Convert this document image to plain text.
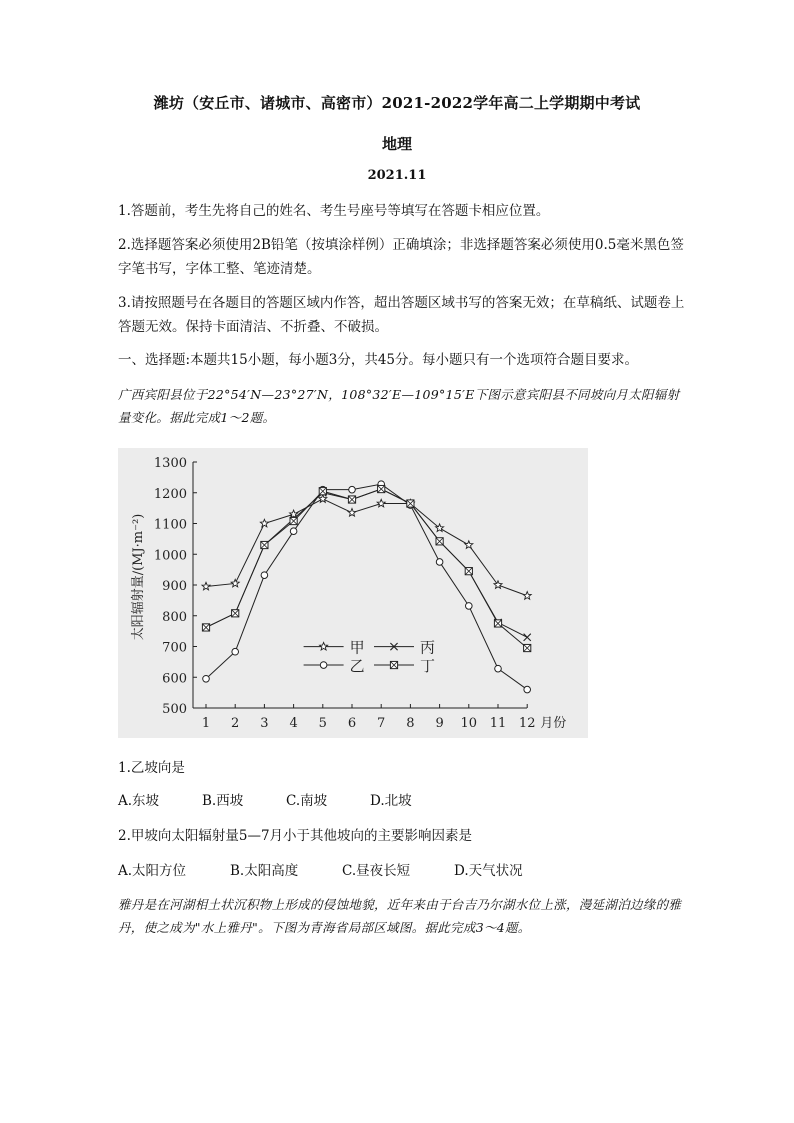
潍坊（安丘市、诸城市、高密市）2021-2022学年高二上学期期中考试
地理
2021.11
1.答题前，考生先将自己的姓名、考生号座号等填写在答题卡相应位置。
2.选择题答案必须使用2B铅笔（按填涂样例）正确填涂；非选择题答案必须使用0.5毫米黑色签字笔书写，字体工整、笔迹清楚。
3.请按照题号在各题目的答题区域内作答，超出答题区域书写的答案无效；在草稿纸、试题卷上答题无效。保持卡面清洁、不折叠、不破损。
一、选择题:本题共15小题，每小题3分，共45分。每小题只有一个选项符合题目要求。
广西宾阳县位于22°54′N—23°27′N，108°32′E—109°15′E下图示意宾阳县不同坡向月太阳辐射量变化。据此完成1～2题。
500
600
700
800
900
1000
1100
1200
1300
1 2 3 4 5 6 7 8 9 10 11 12 月份
太阳辐射量/(MJ·m⁻²)
甲	丙
乙	丁
1.乙坡向是
A.东坡	B.西坡	C.南坡	D.北坡
2.甲坡向太阳辐射量5—7月小于其他坡向的主要影响因素是
A.太阳方位	B.太阳高度	C.昼夜长短	D.天气状况
雅丹是在河湖相土状沉积物上形成的侵蚀地貌，近年来由于台吉乃尔湖水位上涨，漫延湖泊边缘的雅丹，使之成为"水上雅丹"。下图为青海省局部区域图。据此完成3～4题。
